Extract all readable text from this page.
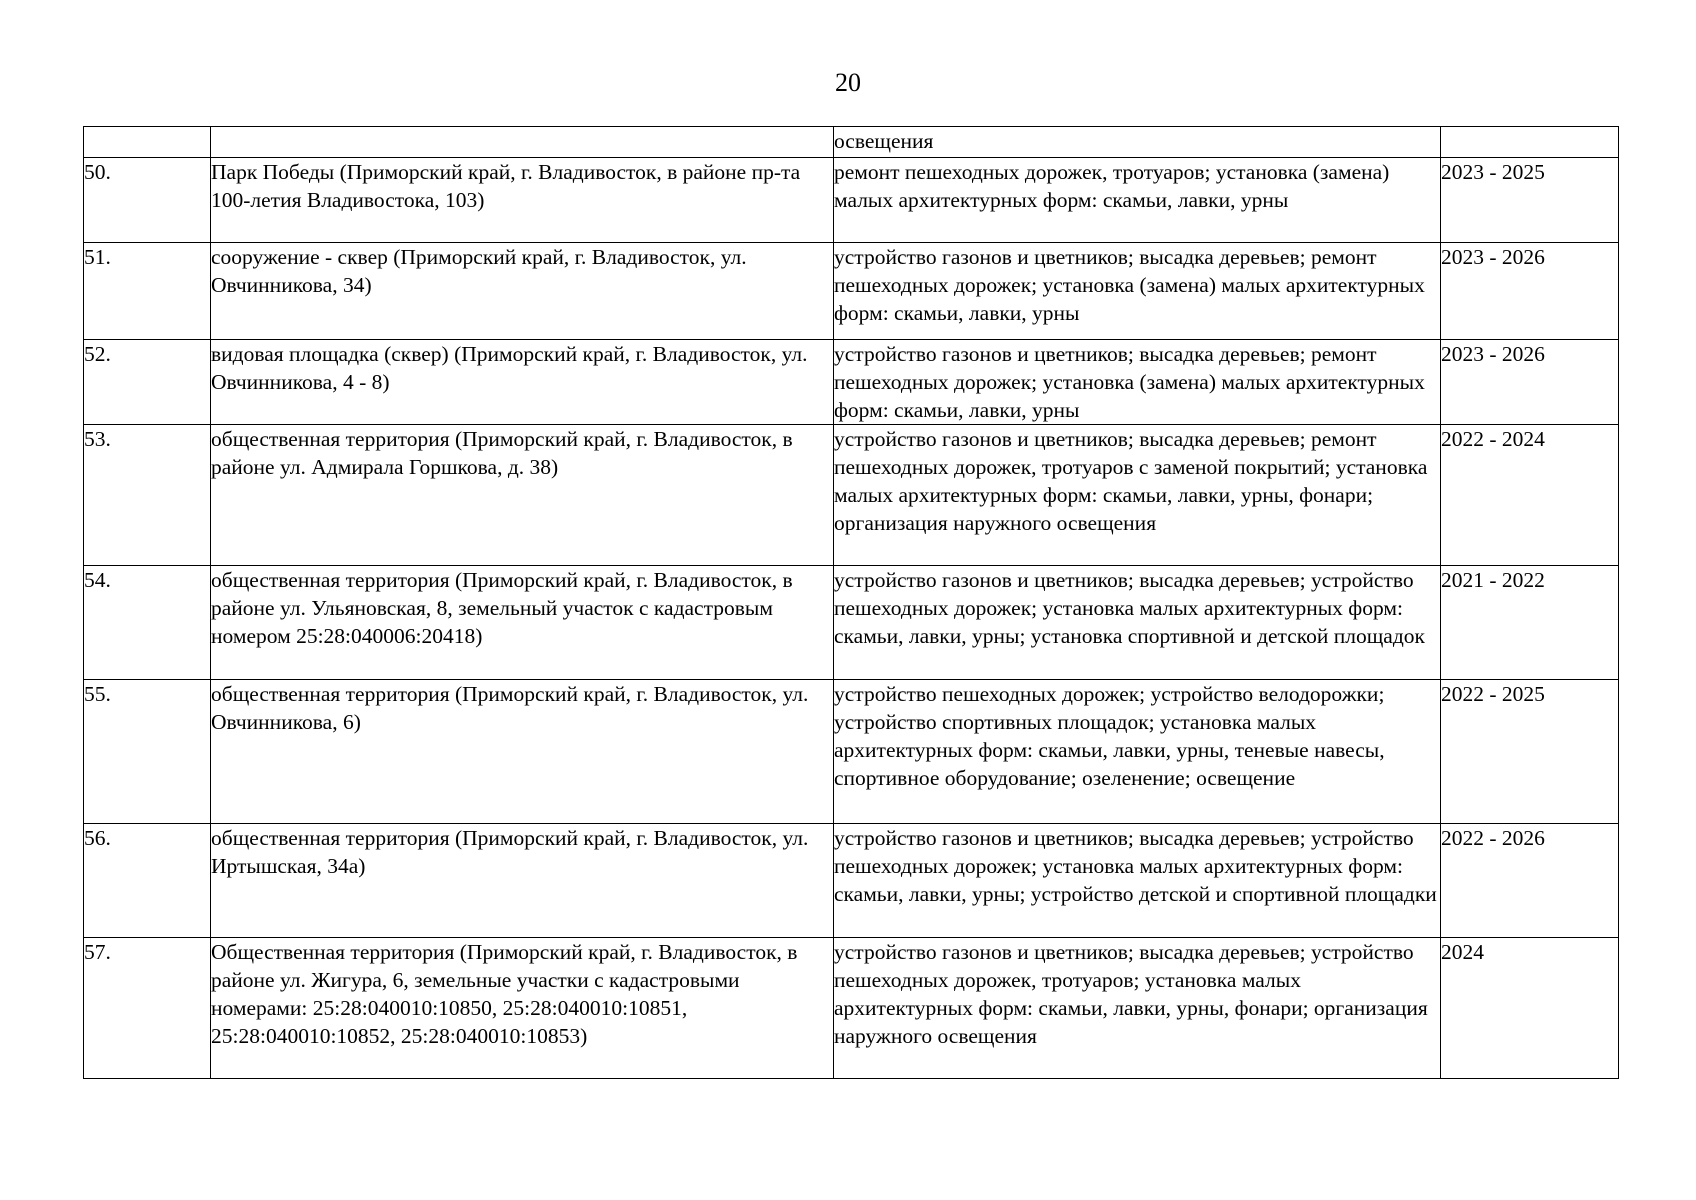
20
		освещения	
50.	Парк Победы (Приморский край, г. Владивосток, в районе пр-та 100-летия Владивостока, 103)	ремонт пешеходных дорожек, тротуаров; установка (замена) малых архитектурных форм: скамьи, лавки, урны	2023 - 2025
51.	сооружение - сквер (Приморский край, г. Владивосток, ул. Овчинникова, 34)	устройство газонов и цветников; высадка деревьев; ремонт пешеходных дорожек; установка (замена) малых архитектурных форм: скамьи, лавки, урны	2023 - 2026
52.	видовая площадка (сквер) (Приморский край, г. Владивосток, ул. Овчинникова, 4 - 8)	устройство газонов и цветников; высадка деревьев; ремонт пешеходных дорожек; установка (замена) малых архитектурных форм: скамьи, лавки, урны	2023 - 2026
53.	общественная территория (Приморский край, г. Владивосток, в районе ул. Адмирала Горшкова, д. 38)	устройство газонов и цветников; высадка деревьев; ремонт пешеходных дорожек, тротуаров с заменой покрытий; установка малых архитектурных форм: скамьи, лавки, урны, фонари; организация наружного освещения	2022 - 2024
54.	общественная территория (Приморский край, г. Владивосток, в районе ул. Ульяновская, 8, земельный участок с кадастровым номером 25:28:040006:20418)	устройство газонов и цветников; высадка деревьев; устройство пешеходных дорожек; установка малых архитектурных форм: скамьи, лавки, урны; установка спортивной и детской площадок	2021 - 2022
55.	общественная территория (Приморский край, г. Владивосток, ул. Овчинникова, 6)	устройство пешеходных дорожек; устройство велодорожки; устройство спортивных площадок; установка малых архитектурных форм: скамьи, лавки, урны, теневые навесы, спортивное оборудование; озеленение; освещение	2022 - 2025
56.	общественная территория (Приморский край, г. Владивосток, ул. Иртышская, 34а)	устройство газонов и цветников; высадка деревьев; устройство пешеходных дорожек; установка малых архитектурных форм: скамьи, лавки, урны; устройство детской и спортивной площадки	2022 - 2026
57.	Общественная территория (Приморский край, г. Владивосток, в районе ул. Жигура, 6, земельные участки с кадастровыми номерами: 25:28:040010:10850, 25:28:040010:10851, 25:28:040010:10852, 25:28:040010:10853)	устройство газонов и цветников; высадка деревьев; устройство пешеходных дорожек, тротуаров; установка малых архитектурных форм: скамьи, лавки, урны, фонари; организация наружного освещения	2024
